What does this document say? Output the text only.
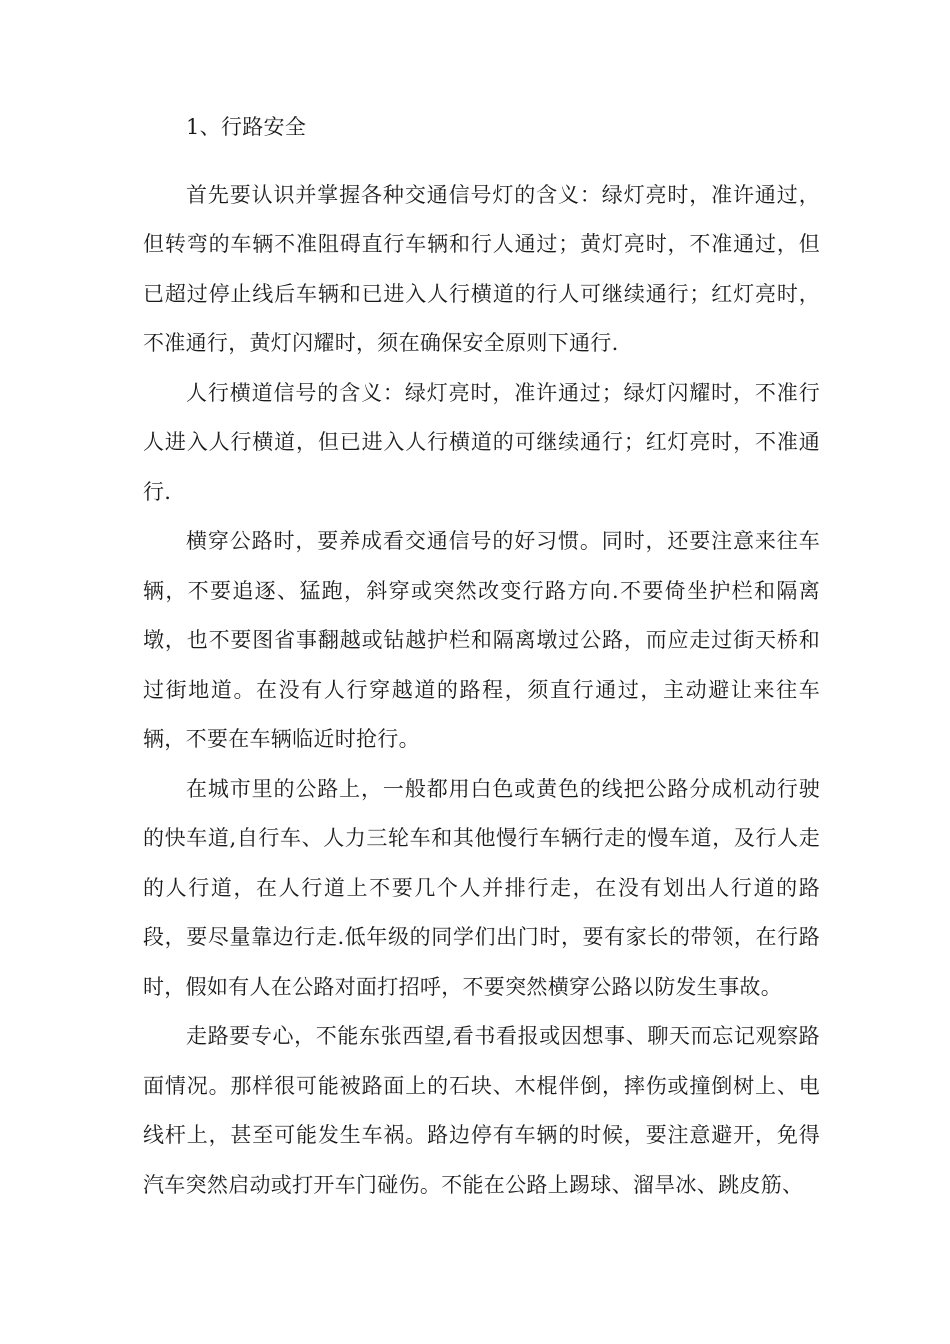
1、行路安全

首先要认识并掌握各种交通信号灯的含义：绿灯亮时，准许通过，但转弯的车辆不准阻碍直行车辆和行人通过；黄灯亮时，不准通过，但已超过停止线后车辆和已进入人行横道的行人可继续通行；红灯亮时，不准通行，黄灯闪耀时，须在确保安全原则下通行.

人行横道信号的含义：绿灯亮时，准许通过；绿灯闪耀时，不准行人进入人行横道，但已进入人行横道的可继续通行；红灯亮时，不准通行.

横穿公路时，要养成看交通信号的好习惯。同时，还要注意来往车辆，不要追逐、猛跑，斜穿或突然改变行路方向.不要倚坐护栏和隔离墩，也不要图省事翻越或钻越护栏和隔离墩过公路，而应走过街天桥和过街地道。在没有人行穿越道的路程，须直行通过，主动避让来往车辆，不要在车辆临近时抢行。

在城市里的公路上，一般都用白色或黄色的线把公路分成机动行驶的快车道,自行车、人力三轮车和其他慢行车辆行走的慢车道，及行人走的人行道，在人行道上不要几个人并排行走，在没有划出人行道的路段，要尽量靠边行走.低年级的同学们出门时，要有家长的带领，在行路时，假如有人在公路对面打招呼，不要突然横穿公路以防发生事故。

走路要专心，不能东张西望,看书看报或因想事、聊天而忘记观察路面情况。那样很可能被路面上的石块、木棍伴倒，摔伤或撞倒树上、电线杆上，甚至可能发生车祸。路边停有车辆的时候，要注意避开，免得汽车突然启动或打开车门碰伤。不能在公路上踢球、溜旱冰、跳皮筋、
